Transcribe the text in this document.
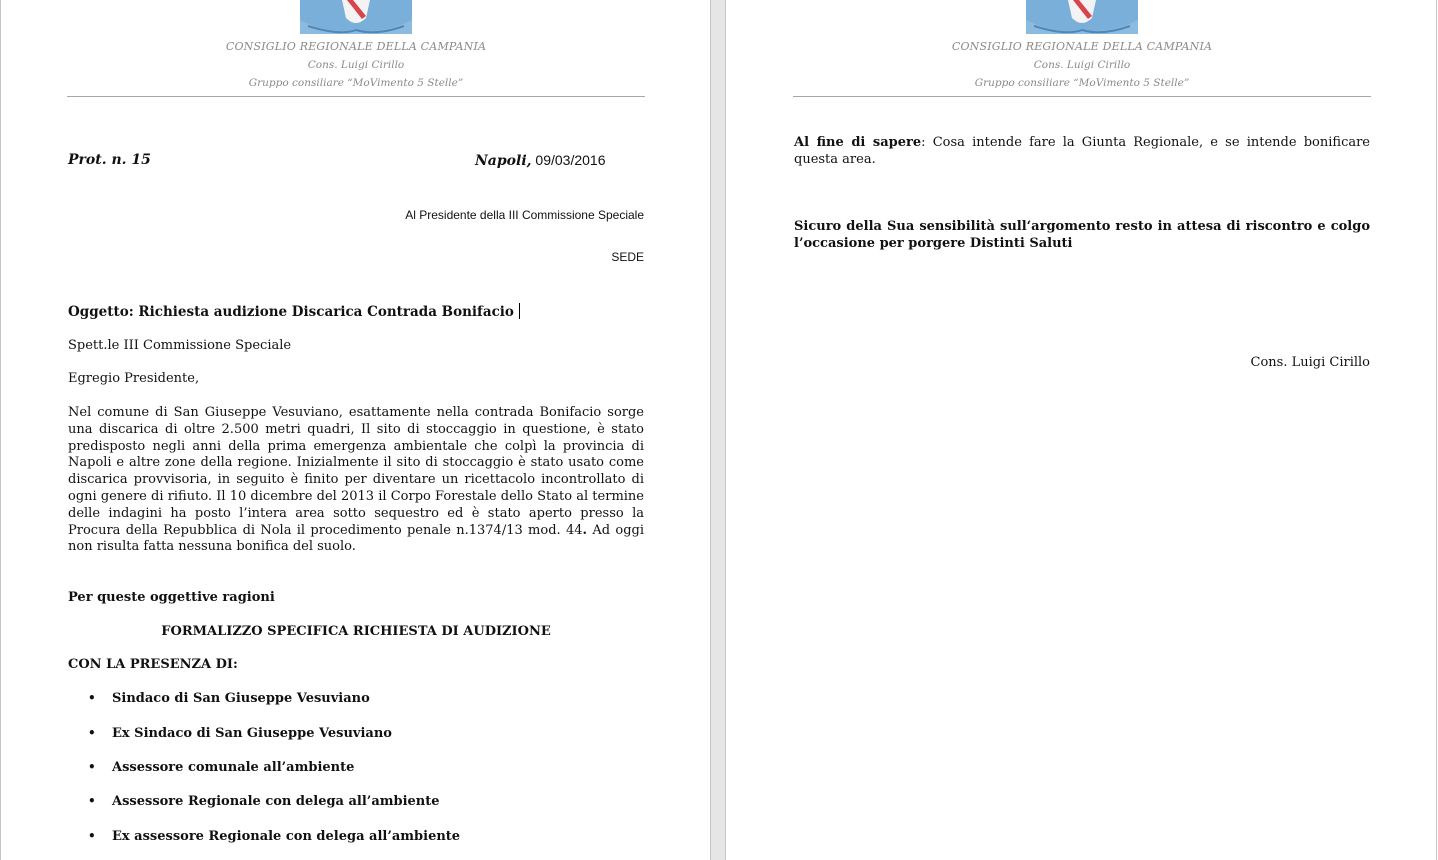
CONSIGLIO REGIONALE DELLA CAMPANIA
Cons. Luigi Cirillo
Gruppo consiliare “MoVimento 5 Stelle”
Prot. n. 15	Napoli, 09/03/2016
Al Presidente della III Commissione Speciale
SEDE
Oggetto: Richiesta audizione Discarica Contrada Bonifacio
Spett.le III Commissione Speciale
Egregio Presidente,

Nel comune di San Giuseppe Vesuviano, esattamente nella contrada Bonifacio sorge una discarica di oltre 2.500 metri quadri, Il sito di stoccaggio in questione, è stato predisposto negli anni della prima emergenza ambientale che colpì la provincia di Napoli e altre zone della regione. Inizialmente il sito di stoccaggio è stato usato come discarica provvisoria, in seguito è finito per diventare un ricettacolo incontrollato di ogni genere di rifiuto. Il 10 dicembre del 2013 il Corpo Forestale dello Stato al termine delle indagini ha posto l’intera area sotto sequestro ed è stato aperto presso la Procura della Repubblica di Nola il procedimento penale n.1374/13 mod. 44. Ad oggi non risulta fatta nessuna bonifica del suolo.

Per queste oggettive ragioni
FORMALIZZO SPECIFICA RICHIESTA DI AUDIZIONE
CON LA PRESENZA DI:
• Sindaco di San Giuseppe Vesuviano
• Ex Sindaco di San Giuseppe Vesuviano
• Assessore comunale all’ambiente
• Assessore Regionale con delega all’ambiente
• Ex assessore Regionale con delega all’ambiente
CONSIGLIO REGIONALE DELLA CAMPANIA
Cons. Luigi Cirillo
Gruppo consiliare “MoVimento 5 Stelle”

Al fine di sapere: Cosa intende fare la Giunta Regionale, e se intende bonificare questa area.

Sicuro della Sua sensibilità sull‘argomento resto in attesa di riscontro e colgo l’occasione per porgere Distinti Saluti

Cons. Luigi Cirillo
